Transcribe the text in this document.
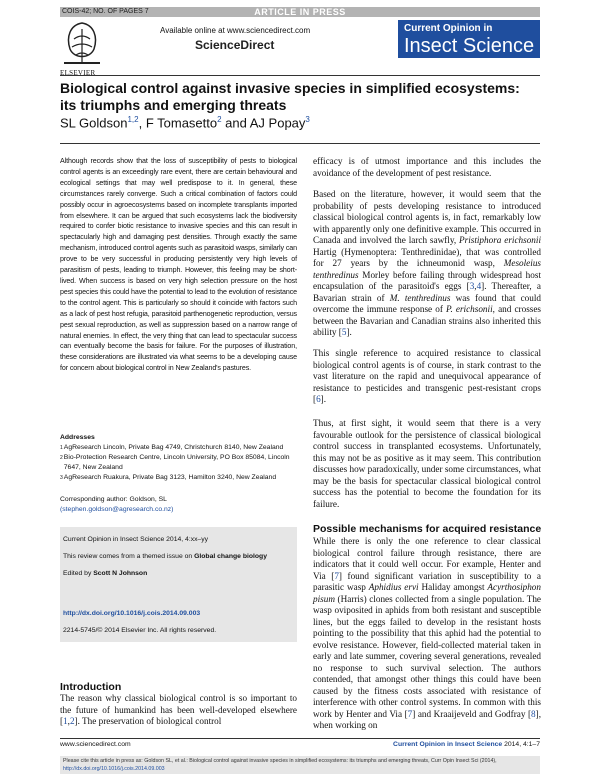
COIS-42; NO. OF PAGES 7	ARTICLE IN PRESS
ELSEVIER
Available online at www.sciencedirect.com
ScienceDirect
Current Opinion in
Insect Science
Biological control against invasive species in simplified ecosystems: its triumphs and emerging threats
SL Goldson$^{1,2}$, F Tomasetto$^2$ and AJ Popay$^3$

Although records show that the loss of susceptibility of pests to biological control agents is an exceedingly rare event, there are certain behavioural and ecological settings that may well predispose to it. In general, these circumstances rarely converge. Such a critical combination of factors could possibly occur in agroecosystems based on incomplete transplants imported from elsewhere. It can be argued that such ecosystems lack the biodiversity required to confer biotic resistance to invasive species and this can result in spectacularly high and damaging pest densities. Through exactly the same mechanism, introduced control agents such as parasitoid wasps, similarly can prove to be very successful in producing persistently very high levels of parasitism of pests, leading to triumph. However, this feeling may be short-lived. When success is based on very high selection pressure on the host pest species this could have the potential to lead to the evolution of resistance to the control agent. This is particularly so should it coincide with factors such as a lack of pest host refugia, parasitoid parthenogenetic reproduction, versus pest sexual reproduction, as well as suppression based on a narrow range of natural enemies. In effect, the very thing that can lead to spectacular success can eventually become the basis for failure. For the purposes of illustration, these considerations are illustrated via what seems to be a developing cause for concern about biological control in New Zealand's pastures.

Addresses
1 AgResearch Lincoln, Private Bag 4749, Christchurch 8140, New Zealand
2 Bio-Protection Research Centre, Lincoln University, PO Box 85084, Lincoln 7647, New Zealand
3 AgResearch Ruakura, Private Bag 3123, Hamilton 3240, New Zealand
Corresponding author: Goldson, SL
(stephen.goldson@agresearch.co.nz)
Current Opinion in Insect Science 2014, 4:xx–yy
This review comes from a themed issue on Global change biology
Edited by Scott N Johnson
http://dx.doi.org/10.1016/j.cois.2014.09.003
2214-5745/© 2014 Elsevier Inc. All rights reserved.
Introduction

The reason why classical biological control is so important to the future of humankind has been well-developed elsewhere [1,2]. The preservation of biological control

efficacy is of utmost importance and this includes the avoidance of the development of pest resistance.

Based on the literature, however, it would seem that the probability of pests developing resistance to introduced classical biological control agents is, in fact, remarkably low with apparently only one definitive example. This occurred in Canada and involved the larch sawfly, Pristiphora erichsonii Hartig (Hymenoptera: Tenthredinidae), that was controlled for 27 years by the ichneumonid wasp, Mesoleius tenthredinus Morley before failing through widespread host encapsulation of the parasitoid's eggs [3,4]. Thereafter, a Bavarian strain of M. tenthredinus was found that could overcome the immune response of P. erichsonii, and crosses between the Bavarian and Canadian strains also inherited this ability [5].

This single reference to acquired resistance to classical biological control agents is of course, in stark contrast to the vast literature on the rapid and unequivocal appearance of resistance to pesticides and transgenic pest-resistant crops [6].

Thus, at first sight, it would seem that there is a very favourable outlook for the persistence of classical biological control success in transplanted ecosystems. Unfortunately, this may not be as positive as it may seem. This contribution discusses how paradoxically, under some circumstances, what may be the basis for spectacular classical biological control success has the potential to become the foundation for its failure.

Possible mechanisms for acquired resistance

While there is only the one reference to clear classical biological control failure through resistance, there are indicators that it could well occur. For example, Henter and Via [7] found significant variation in susceptibility to a parasitic wasp Aphidius ervi Haliday amongst Acyrthosiphon pisum (Harris) clones collected from a single population. The wasp oviposited in aphids from both resistant and susceptible lines, but the eggs failed to develop in the resistant hosts pointing to the possibility that this aphid had the potential to evolve resistance. However, field-collected material taken in early and late summer, covering several generations, revealed no response to such survival selection. The authors contended, that amongst other things this could have been caused by the fitness costs associated with resistance of interference with other control systems. In common with this work by Henter and Via [7] and Kraaijeveld and Godfray [8], when working on

www.sciencedirect.com	Current Opinion in Insect Science 2014, 4:1–7
Please cite this article in press as: Goldson SL, et al.: Biological control against invasive species in simplified ecosystems: its triumphs and emerging threats, Curr Opin Insect Sci (2014), http://dx.doi.org/10.1016/j.cois.2014.09.003
